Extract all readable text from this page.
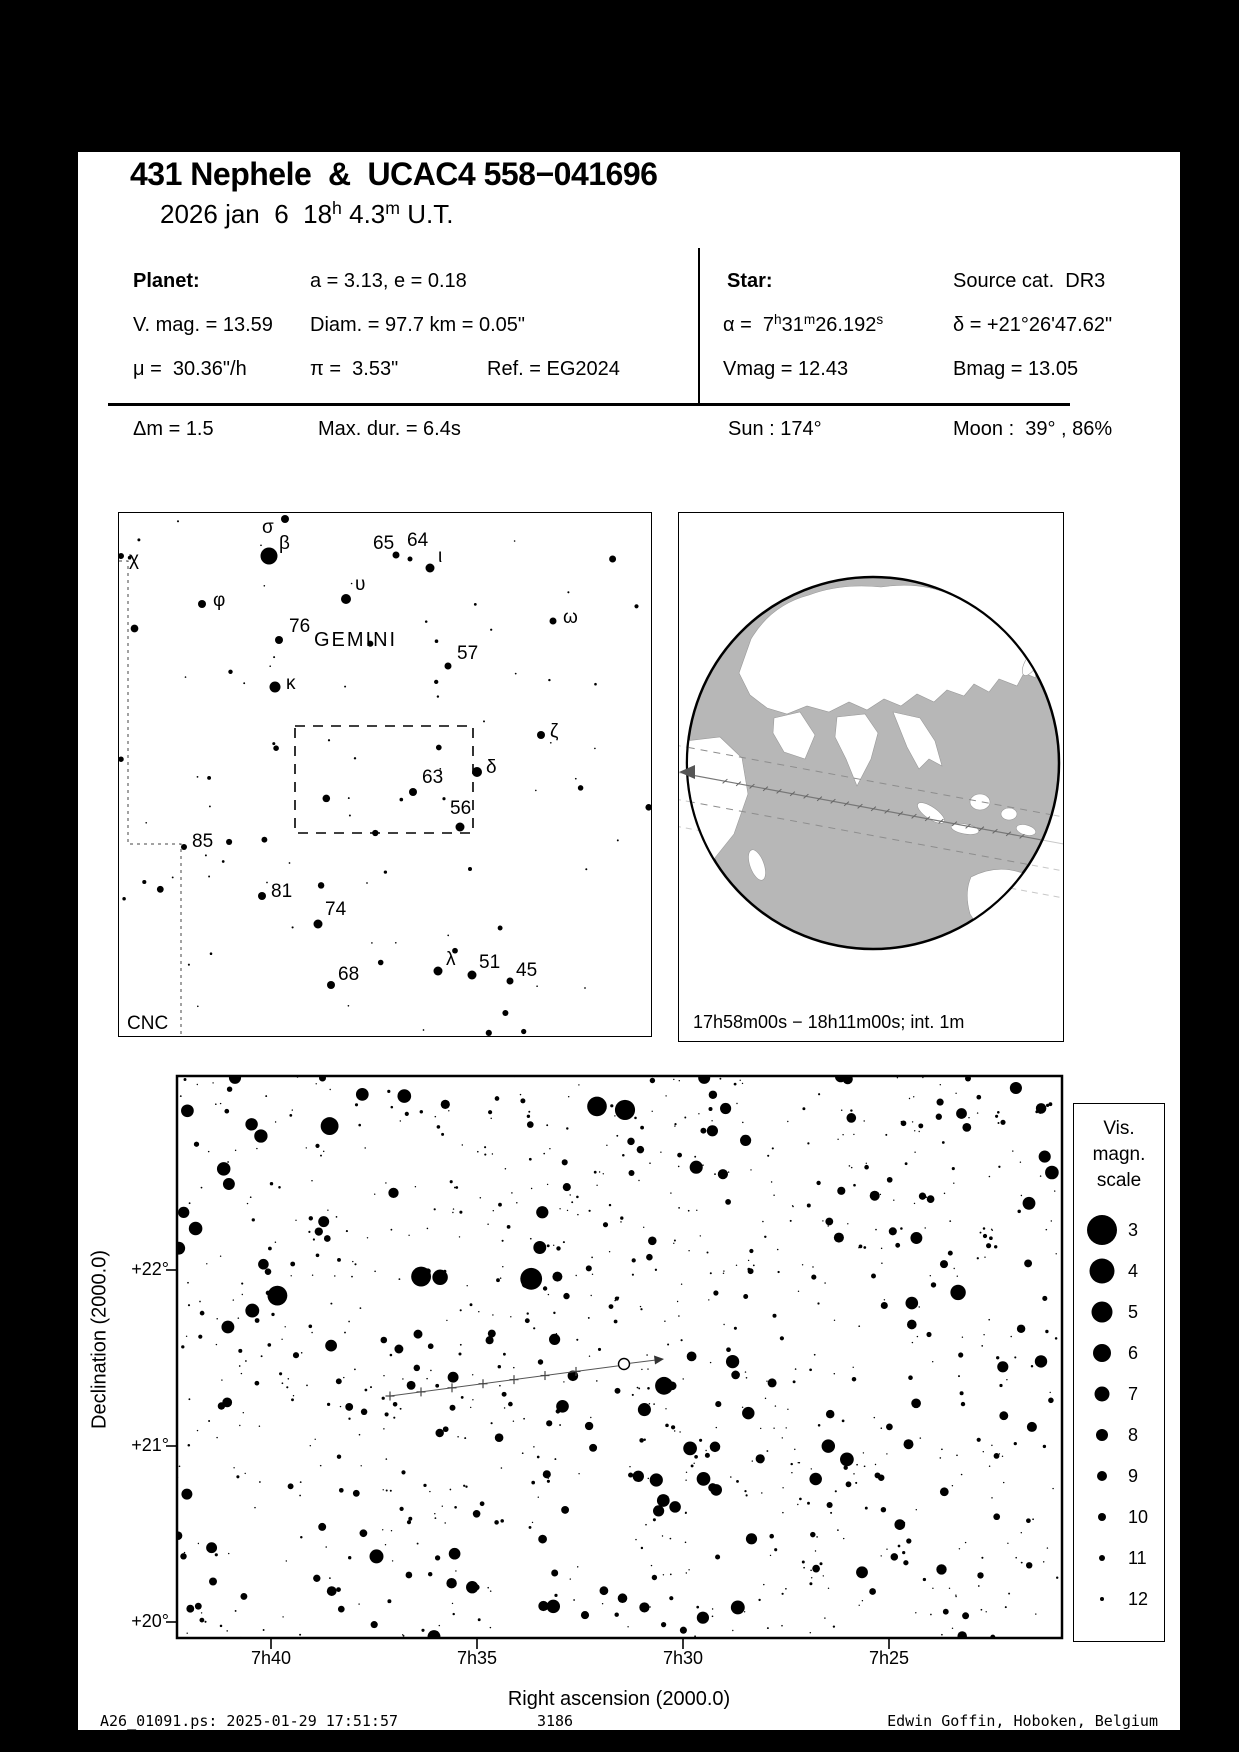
431 Nephele  &  UCAC4 558−041696
2026 jan  6  18$^h$ 4.3$^m$ U.T.
Planet:	a = 3.13, e = 0.18	Star:	Source cat.  DR3
V. mag. = 13.59 Diam. = 97.7 km = 0.05"	α =  7$^h$31$^m$26.192$^s$	δ = +21°26'47.62"
μ =  30.36"/h	π =  3.53"	Ref. = EG2024	Vmag = 12.43	Bmag = 13.05
Δm = 1.5	Max. dur. = 6.4s	Sun : 174°	Moon :  39° , 86%
χ
σ
β	65 64
ι
υ
φ
76
57
κ
ω
63 δ
56
ζ
85
81
74
λ 51 45
68
GEMINI
CNC	17h58m00s − 18h11m00s; int. 1m
7h40	7h35	7h30	7h25
+22°
+21°
+20°
Right ascension (2000.0)
Declination (2000.0)
Vis.
magn.
scale
3
4
5
6
7
8
9
10
11
12
A26_01091.ps: 2025-01-29 17:51:57	3186	Edwin Goffin, Hoboken, Belgium
